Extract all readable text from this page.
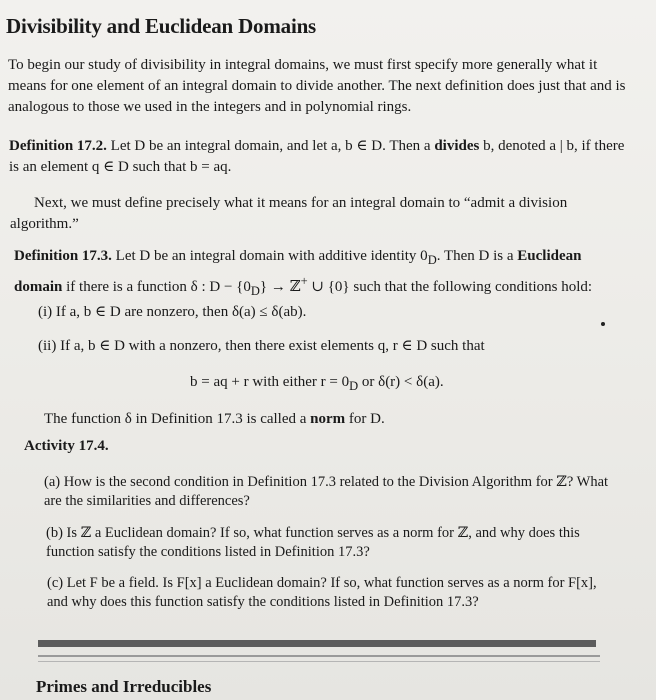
Divisibility and Euclidean Domains
To begin our study of divisibility in integral domains, we must first specify more generally what it means for one element of an integral domain to divide another. The next definition does just that and is analogous to those we used in the integers and in polynomial rings.
Definition 17.2. Let D be an integral domain, and let a, b ∈ D. Then a divides b, denoted a | b, if there is an element q ∈ D such that b = aq.
Next, we must define precisely what it means for an integral domain to “admit a division algorithm.”
Definition 17.3. Let D be an integral domain with additive identity $0_D$. Then D is a Euclidean domain if there is a function δ : $D - \{0_D\}$ → ℤ+ ∪ {0} such that the following conditions hold:
(i) If a, b ∈ D are nonzero, then δ(a) ≤ δ(ab).
(ii) If a, b ∈ D with a nonzero, then there exist elements q, r ∈ D such that
b = aq + r with either $r = 0_D$ or δ(r) < δ(a).
The function δ in Definition 17.3 is called a norm for D.
Activity 17.4.
(a) How is the second condition in Definition 17.3 related to the Division Algorithm for ℤ? What are the similarities and differences?
(b) Is ℤ a Euclidean domain? If so, what function serves as a norm for ℤ, and why does this function satisfy the conditions listed in Definition 17.3?
(c) Let F be a field. Is F[x] a Euclidean domain? If so, what function serves as a norm for F[x], and why does this function satisfy the conditions listed in Definition 17.3?
Primes and Irreducibles
